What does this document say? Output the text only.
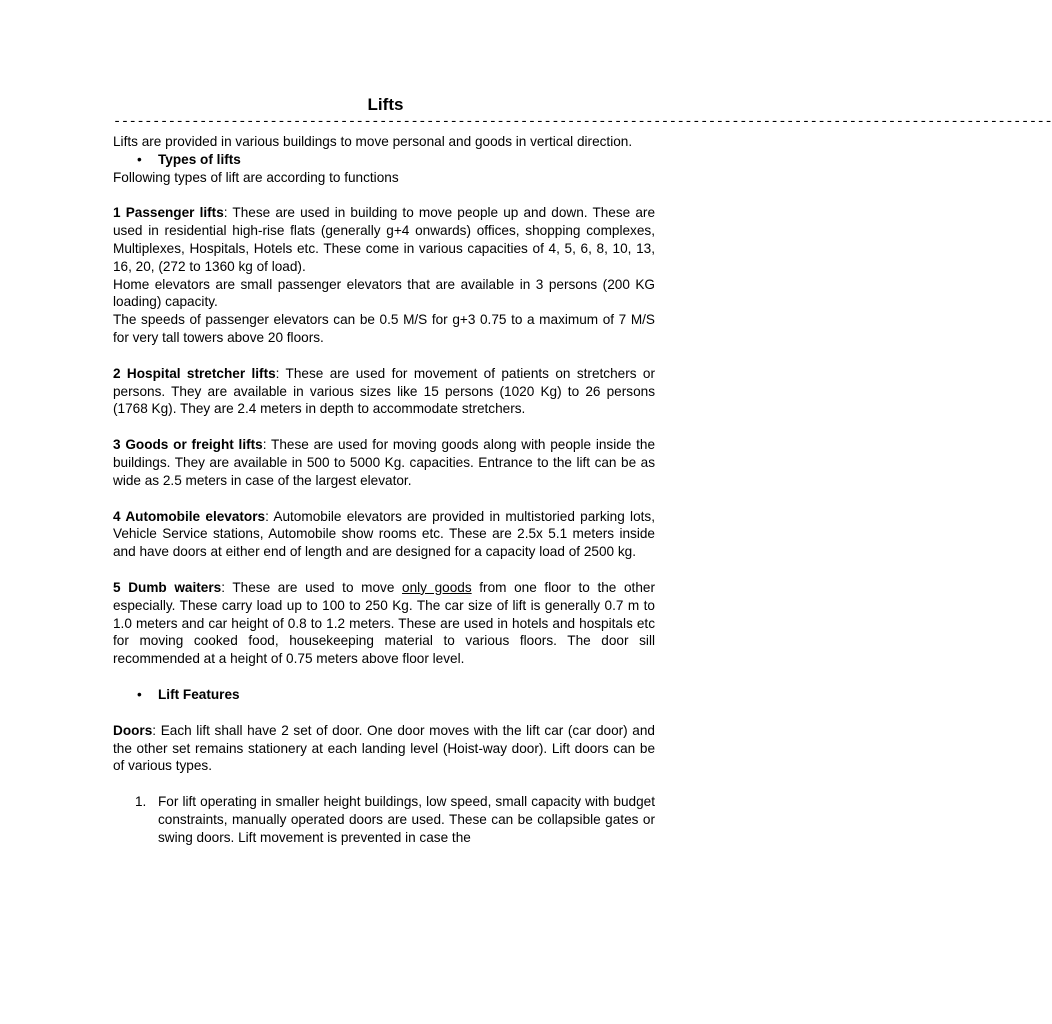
Lifts
------------------------------------------------------------------------------------------------------------------------

Lifts are provided in various buildings to move personal and goods in vertical direction.

• Types of lifts

Following types of lift are according to functions

1 Passenger lifts: These are used in building to move people up and down. These are used in residential high-rise flats (generally g+4 onwards) offices, shopping complexes, Multiplexes, Hospitals, Hotels etc. These come in various capacities of 4, 5, 6, 8, 10, 13, 16, 20, (272 to 1360 kg of load).

Home elevators are small passenger elevators that are available in 3 persons (200 KG loading) capacity.

The speeds of passenger elevators can be 0.5 M/S for g+3 0.75 to a maximum of 7 M/S for very tall towers above 20 floors.

2 Hospital stretcher lifts: These are used for movement of patients on stretchers or persons. They are available in various sizes like 15 persons (1020 Kg) to 26 persons (1768 Kg). They are 2.4 meters in depth to accommodate stretchers.

3 Goods or freight lifts: These are used for moving goods along with people inside the buildings. They are available in 500 to 5000 Kg. capacities. Entrance to the lift can be as wide as 2.5 meters in case of the largest elevator.

4 Automobile elevators: Automobile elevators are provided in multistoried parking lots, Vehicle Service stations, Automobile show rooms etc. These are 2.5x 5.1 meters inside and have doors at either end of length and are designed for a capacity load of 2500 kg.

5 Dumb waiters: These are used to move only goods from one floor to the other especially. These carry load up to 100 to 250 Kg. The car size of lift is generally 0.7 m to 1.0 meters and car height of 0.8 to 1.2 meters. These are used in hotels and hospitals etc for moving cooked food, housekeeping material to various floors. The door sill recommended at a height of 0.75 meters above floor level.

• Lift Features

Doors: Each lift shall have 2 set of door. One door moves with the lift car (car door) and the other set remains stationery at each landing level (Hoist-way door). Lift doors can be of various types.

1. For lift operating in smaller height buildings, low speed, small capacity with budget constraints, manually operated doors are used. These can be collapsible gates or swing doors. Lift movement is prevented in case the
